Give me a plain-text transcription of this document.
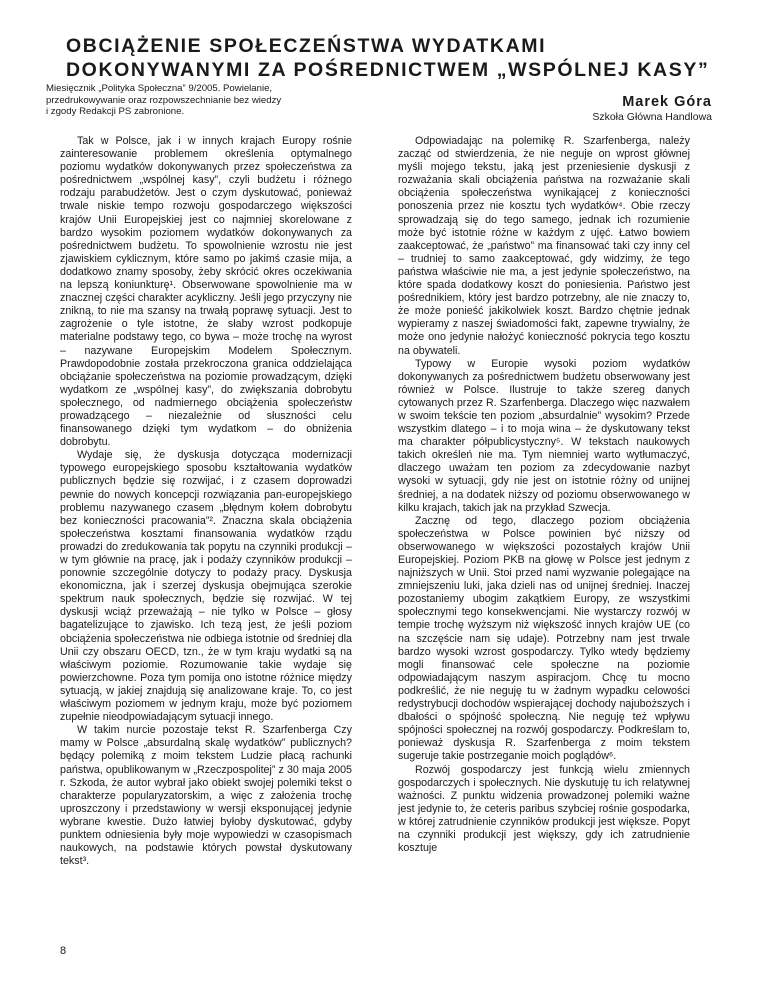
OBCIĄŻENIE SPOŁECZEŃSTWA WYDATKAMI
DOKONYWANYMI ZA POŚREDNICTWEM „WSPÓLNEJ KASY”
Miesięcznik „Polityka Społeczna” 9/2005. Powielanie,
przedrukowywanie oraz rozpowszechnianie bez wiedzy
i zgody Redakcji PS zabronione.
Marek Góra
Szkoła Główna Handlowa

Tak w Polsce, jak i w innych krajach Europy rośnie zainteresowanie problemem określenia optymalnego poziomu wydatków dokonywanych przez społeczeństwa za pośrednictwem „wspólnej kasy”, czyli budżetu i różnego rodzaju parabudżetów. Jest o czym dyskutować, ponieważ trwale niskie tempo rozwoju gospodarczego większości krajów Unii Europejskiej jest co najmniej skorelowane z bardzo wysokim poziomem wydatków dokonywanych za pośrednictwem budżetu. To spowolnienie wzrostu nie jest zjawiskiem cyklicznym, które samo po jakimś czasie mija, a dodatkowo znamy sposoby, żeby skrócić okres oczekiwania na lepszą koniunkturę¹. Obserwowane spowolnienie ma w znacznej części charakter acykliczny. Jeśli jego przyczyny nie znikną, to nie ma szansy na trwałą poprawę sytuacji. Jest to zagrożenie o tyle istotne, że słaby wzrost podkopuje materialne podstawy tego, co bywa – może trochę na wyrost – nazywane Europejskim Modelem Społecznym. Prawdopodobnie została przekroczona granica oddzielająca obciążanie społeczeństwa na poziomie prowadzącym, dzięki wydatkom ze „wspólnej kasy”, do zwiększania dobrobytu społecznego, od nadmiernego obciążenia społeczeństw prowadzącego – niezależnie od słuszności celu finansowanego dzięki tym wydatkom – do obniżenia dobrobytu.

Wydaje się, że dyskusja dotycząca modernizacji typowego europejskiego sposobu kształtowania wydatków publicznych będzie się rozwijać, i z czasem doprowadzi pewnie do nowych koncepcji rozwiązania pan-europejskiego problemu nazywanego czasem „błędnym kołem dobrobytu bez konieczności pracowania”². Znaczna skala obciążenia społeczeństwa kosztami finansowania wydatków rządu prowadzi do zredukowania tak popytu na czynniki produkcji – w tym głównie na pracę, jak i podaży czynników produkcji – ponownie szczególnie dotyczy to podaży pracy. Dyskusja ekonomiczna, jak i szerzej dyskusja obejmująca szerokie spektrum nauk społecznych, będzie się rozwijać. W tej dyskusji wciąż przeważają – nie tylko w Polsce – głosy bagatelizujące to zjawisko. Ich tezą jest, że jeśli poziom obciążenia społeczeństwa nie odbiega istotnie od średniej dla Unii czy obszaru OECD, tzn., że w tym kraju wydatki są na właściwym poziomie. Rozumowanie takie wydaje się powierzchowne. Poza tym pomija ono istotne różnice między sytuacją, w jakiej znajdują się analizowane kraje. To, co jest właściwym poziomem w jednym kraju, może być poziomem zupełnie nieodpowiadającym sytuacji innego.

W takim nurcie pozostaje tekst R. Szarfenberga Czy mamy w Polsce „absurdalną skalę wydatków” publicznych? będący polemiką z moim tekstem Ludzie płacą rachunki państwa, opublikowanym w „Rzeczpospolitej” z 30 maja 2005 r. Szkoda, że autor wybrał jako obiekt swojej polemiki tekst o charakterze popularyzatorskim, a więc z założenia trochę uproszczony i przedstawiony w wersji eksponującej jedynie wybrane kwestie. Dużo łatwiej byłoby dyskutować, gdyby punktem odniesienia były moje wypowiedzi w czasopismach naukowych, na podstawie których powstał dyskutowany tekst³.

Odpowiadając na polemikę R. Szarfenberga, należy zacząć od stwierdzenia, że nie neguje on wprost głównej myśli mojego tekstu, jaką jest przeniesienie dyskusji z rozważania skali obciążenia państwa na rozważanie skali obciążenia społeczeństwa wynikającej z konieczności ponoszenia przez nie kosztu tych wydatków⁴. Obie rzeczy sprowadzają się do tego samego, jednak ich rozumienie może być istotnie różne w każdym z ujęć. Łatwo bowiem zaakceptować, że „państwo” ma finansować taki czy inny cel – trudniej to samo zaakceptować, gdy widzimy, że tego państwa właściwie nie ma, a jest jedynie społeczeństwo, na które spada dodatkowy koszt do poniesienia. Państwo jest pośrednikiem, który jest bardzo potrzebny, ale nie znaczy to, że może ponieść jakikolwiek koszt. Bardzo chętnie jednak wypieramy z naszej świadomości fakt, zapewne trywialny, że może ono jedynie nałożyć konieczność pokrycia tego kosztu na obywateli.

Typowy w Europie wysoki poziom wydatków dokonywanych za pośrednictwem budżetu obserwowany jest również w Polsce. Ilustruje to także szereg danych cytowanych przez R. Szarfenberga. Dlaczego więc nazwałem w swoim tekście ten poziom „absurdalnie” wysokim? Przede wszystkim dlatego – i to moja wina – że dyskutowany tekst ma charakter półpublicystyczny⁵. W tekstach naukowych takich określeń nie ma. Tym niemniej warto wytłumaczyć, dlaczego uważam ten poziom za zdecydowanie nazbyt wysoki w sytuacji, gdy nie jest on istotnie różny od unijnej średniej, a na dodatek niższy od poziomu obserwowanego w kilku krajach, takich jak na przykład Szwecja.

Zacznę od tego, dlaczego poziom obciążenia społeczeństwa w Polsce powinien być niższy od obserwowanego w większości pozostałych krajów Unii Europejskiej. Poziom PKB na głowę w Polsce jest jednym z najniższych w Unii. Stoi przed nami wyzwanie polegające na zmniejszeniu luki, jaka dzieli nas od unijnej średniej. Inaczej pozostaniemy ubogim zakątkiem Europy, ze wszystkimi społecznymi tego konsekwencjami. Nie wystarczy rozwój w tempie trochę wyższym niż większość innych krajów UE (co na szczęście nam się udaje). Potrzebny nam jest trwale bardzo wysoki wzrost gospodarczy. Tylko wtedy będziemy mogli finansować cele społeczne na poziomie odpowiadającym naszym aspiracjom. Chcę tu mocno podkreślić, że nie neguję tu w żadnym wypadku celowości redystrybucji dochodów wspierającej dochody najuboższych i dbałości o spójność społeczną. Nie neguję też wpływu spójności społecznej na rozwój gospodarczy. Podkreślam to, ponieważ dyskusja R. Szarfenberga z moim tekstem sugeruje takie postrzeganie moich poglądów⁶.

Rozwój gospodarczy jest funkcją wielu zmiennych gospodarczych i społecznych. Nie dyskutuję tu ich relatywnej ważności. Z punktu widzenia prowadzonej polemiki ważne jest jedynie to, że ceteris paribus szybciej rośnie gospodarka, w której zatrudnienie czynników produkcji jest większe. Popyt na czynniki produkcji jest większy, gdy ich zatrudnienie kosztuje

8
